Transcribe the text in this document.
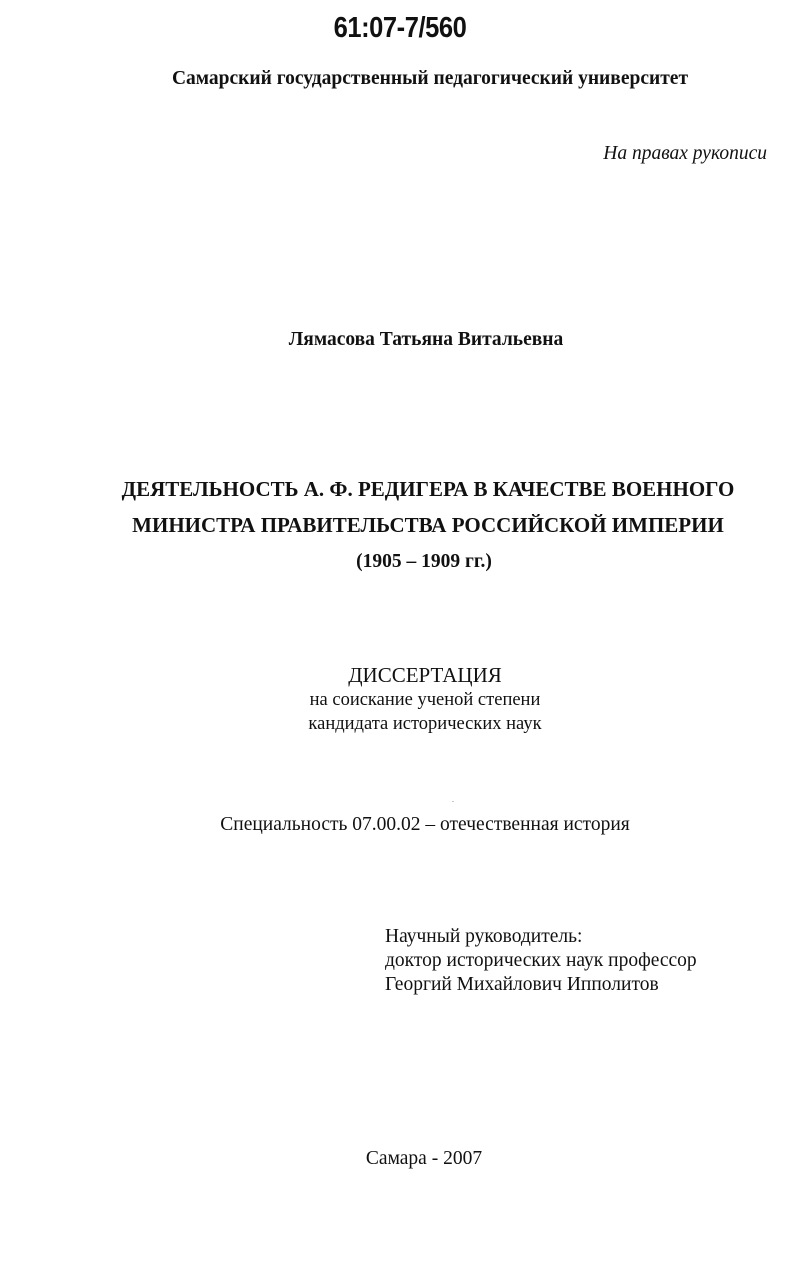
61:07-7/560
Самарский государственный педагогический университет
На правах рукописи
Лямасова Татьяна Витальевна
ДЕЯТЕЛЬНОСТЬ А. Ф. РЕДИГЕРА В КАЧЕСТВЕ ВОЕННОГО
МИНИСТРА ПРАВИТЕЛЬСТВА РОССИЙСКОЙ ИМПЕРИИ
(1905 – 1909 гг.)
ДИССЕРТАЦИЯ
на соискание ученой степени
кандидата исторических наук
Специальность 07.00.02 – отечественная история
Научный руководитель:
доктор исторических наук профессор
Георгий Михайлович Ипполитов
Самара - 2007
